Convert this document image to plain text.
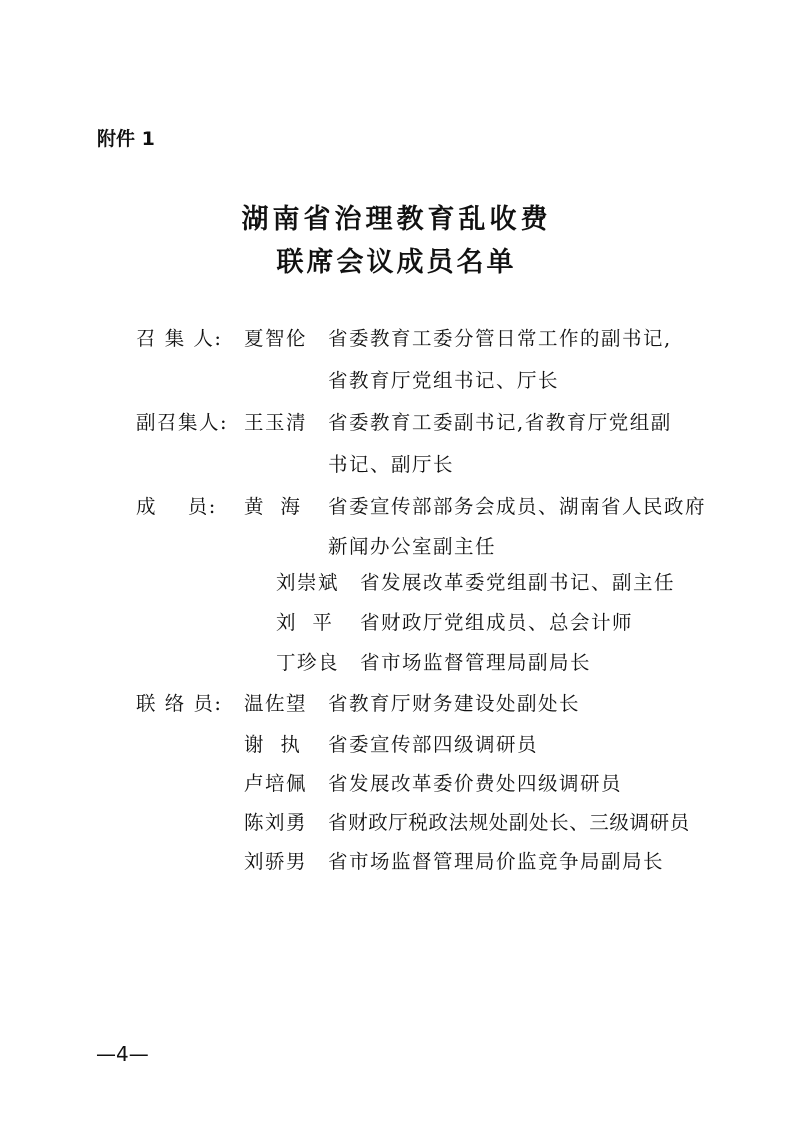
附件 1
湖南省治理教育乱收费
联席会议成员名单
召 集 人: 夏智伦 省委教育工委分管日常工作的副书记,
省教育厅党组书记、厅长
副召集人: 王玉清 省委教育工委副书记,省教育厅党组副
书记、副厅长
成    员: 黄  海 省委宣传部部务会成员、湖南省人民政府
新闻办公室副主任
刘崇斌 省发展改革委党组副书记、副主任
刘  平 省财政厅党组成员、总会计师
丁珍良 省市场监督管理局副局长
联 络 员: 温佐望 省教育厅财务建设处副处长
谢  执 省委宣传部四级调研员
卢培佩 省发展改革委价费处四级调研员
陈刘勇 省财政厅税政法规处副处长、三级调研员
刘骄男 省市场监督管理局价监竞争局副局长
—4—
